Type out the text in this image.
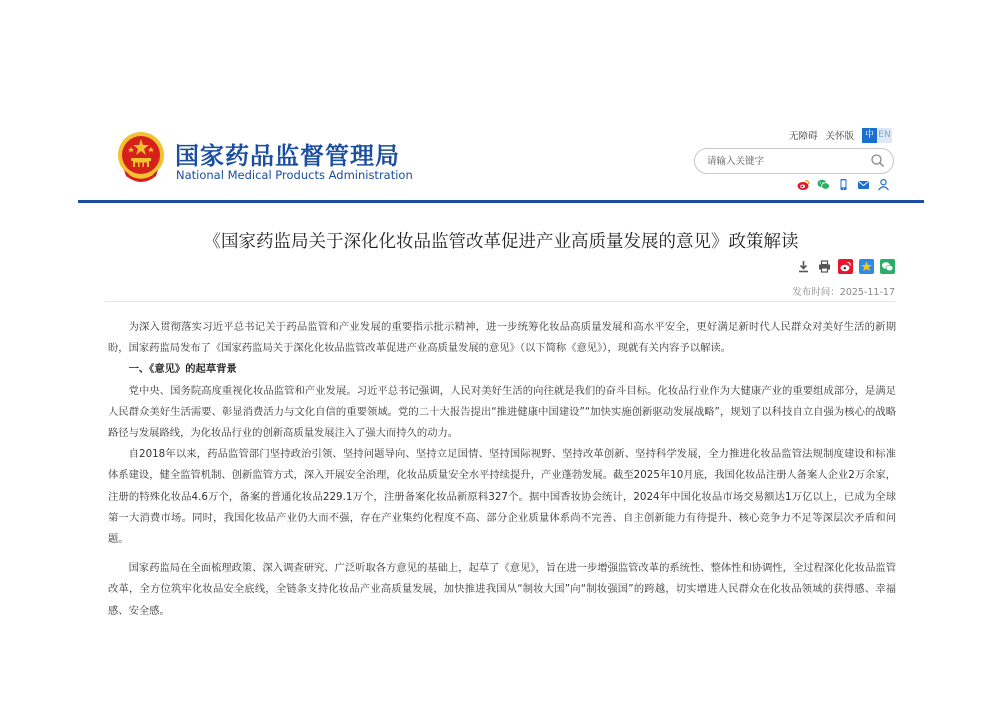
国家药品监督管理局
National Medical Products Administration
无障碍 关怀版	中 EN
请输入关键字
《国家药监局关于深化化妆品监管改革促进产业高质量发展的意见》政策解读
发布时间：2025-11-17

为深入贯彻落实习近平总书记关于药品监管和产业发展的重要指示批示精神，进一步统筹化妆品高质量发展和高水平安全，更好满足新时代人民群众对美好生活的新期盼，国家药监局发布了《国家药监局关于深化化妆品监管改革促进产业高质量发展的意见》（以下简称《意见》），现就有关内容予以解读。

一、《意见》的起草背景

党中央、国务院高度重视化妆品监管和产业发展。习近平总书记强调，人民对美好生活的向往就是我们的奋斗目标。化妆品行业作为大健康产业的重要组成部分，是满足人民群众美好生活需要、彰显消费活力与文化自信的重要领域。党的二十大报告提出“推进健康中国建设”“加快实施创新驱动发展战略”，规划了以科技自立自强为核心的战略路径与发展路线，为化妆品行业的创新高质量发展注入了强大而持久的动力。

自2018年以来，药品监管部门坚持政治引领、坚持问题导向、坚持立足国情、坚持国际视野、坚持改革创新、坚持科学发展，全力推进化妆品监管法规制度建设和标准体系建设，健全监管机制、创新监管方式，深入开展安全治理，化妆品质量安全水平持续提升，产业蓬勃发展。截至2025年10月底，我国化妆品注册人备案人企业2万余家，注册的特殊化妆品4.6万个，备案的普通化妆品229.1万个，注册备案化妆品新原料327个。据中国香妆协会统计，2024年中国化妆品市场交易额达1万亿以上，已成为全球第一大消费市场。同时，我国化妆品产业仍大而不强，存在产业集约化程度不高、部分企业质量体系尚不完善、自主创新能力有待提升、核心竞争力不足等深层次矛盾和问题。

国家药监局在全面梳理政策、深入调查研究、广泛听取各方意见的基础上，起草了《意见》，旨在进一步增强监管改革的系统性、整体性和协调性，全过程深化化妆品监管改革，全方位筑牢化妆品安全底线，全链条支持化妆品产业高质量发展，加快推进我国从“制妆大国”向“制妆强国”的跨越，切实增进人民群众在化妆品领域的获得感、幸福感、安全感。
